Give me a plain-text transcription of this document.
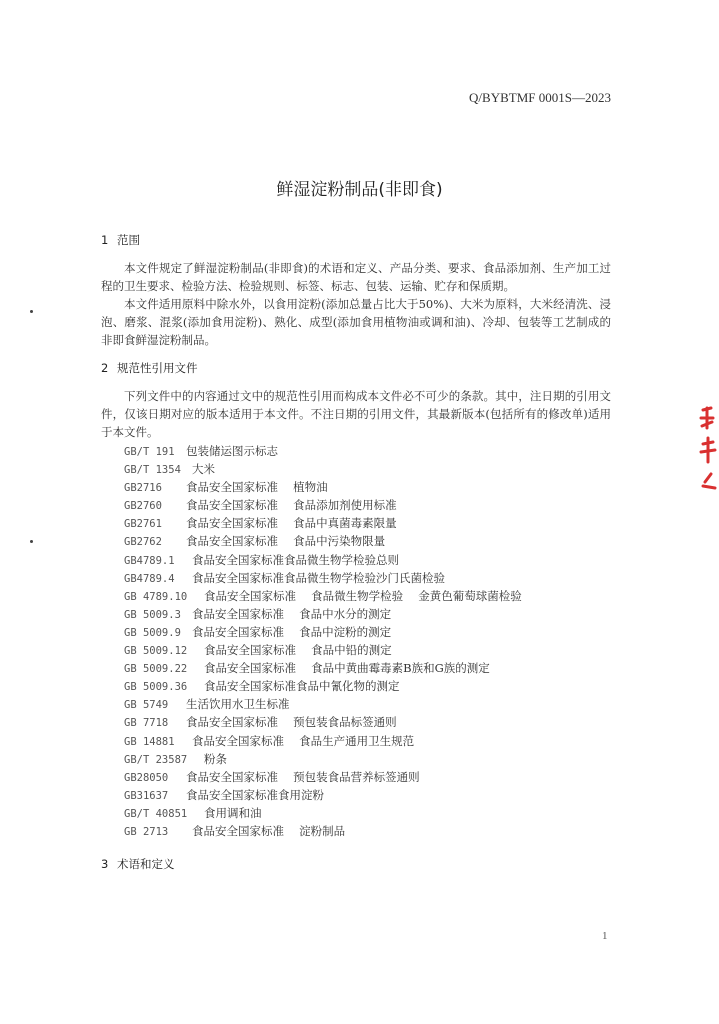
Q/BYBTMF 0001S—2023
鲜湿淀粉制品(非即食)
1 范围
本文件规定了鲜湿淀粉制品(非即食)的术语和定义、产品分类、要求、食品添加剂、生产加工过程的卫生要求、检验方法、检验规则、标签、标志、包装、运输、贮存和保质期。
本文件适用原料中除水外，以食用淀粉(添加总量占比大于50%)、大米为原料，大米经清洗、浸泡、磨浆、混浆(添加食用淀粉)、熟化、成型(添加食用植物油或调和油)、冷却、包装等工艺制成的非即食鲜湿淀粉制品。
2 规范性引用文件
下列文件中的内容通过文中的规范性引用而构成本文件必不可少的条款。其中，注日期的引用文件，仅该日期对应的版本适用于本文件。不注日期的引用文件，其最新版本(包括所有的修改单)适用于本文件。
GB/T 191 包装储运图示标志
GB/T 1354 大米
GB2716 食品安全国家标准　 植物油
GB2760 食品安全国家标准　 食品添加剂使用标准
GB2761 食品安全国家标准　 食品中真菌毒素限量
GB2762 食品安全国家标准　 食品中污染物限量
GB4789.1 食品安全国家标准食品微生物学检验总则
GB4789.4 食品安全国家标准食品微生物学检验沙门氏菌检验
GB 4789.10 食品安全国家标准　 食品微生物学检验　 金黄色葡萄球菌检验
GB 5009.3 食品安全国家标准　 食品中水分的测定
GB 5009.9 食品安全国家标准　 食品中淀粉的测定
GB 5009.12 食品安全国家标准　 食品中铅的测定
GB 5009.22 食品安全国家标准　 食品中黄曲霉毒素B族和G族的测定
GB 5009.36 食品安全国家标准食品中氰化物的测定
GB 5749 生活饮用水卫生标准
GB 7718 食品安全国家标准　 预包装食品标签通则
GB 14881 食品安全国家标准　 食品生产通用卫生规范
GB/T 23587 粉条
GB28050 食品安全国家标准　 预包装食品营养标签通则
GB31637 食品安全国家标准食用淀粉
GB/T 40851 食用调和油
GB 2713 食品安全国家标准　 淀粉制品
3 术语和定义
1
